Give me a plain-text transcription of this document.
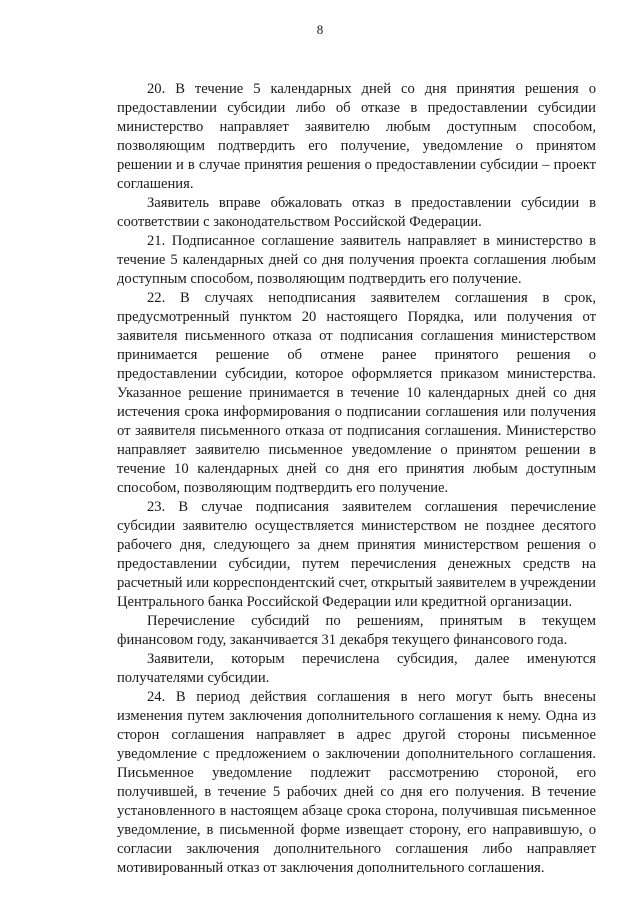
8

20. В течение 5 календарных дней со дня принятия решения о предоставлении субсидии либо об отказе в предоставлении субсидии министерство направляет заявителю любым доступным способом, позволяющим подтвердить его получение, уведомление о принятом решении и в случае принятия решения о предоставлении субсидии – проект соглашения.

Заявитель вправе обжаловать отказ в предоставлении субсидии в соответствии с законодательством Российской Федерации.

21. Подписанное соглашение заявитель направляет в министерство в течение 5 календарных дней со дня получения проекта соглашения любым доступным способом, позволяющим подтвердить его получение.

22. В случаях неподписания заявителем соглашения в срок, предусмотренный пунктом 20 настоящего Порядка, или получения от заявителя письменного отказа от подписания соглашения министерством принимается решение об отмене ранее принятого решения о предоставлении субсидии, которое оформляется приказом министерства. Указанное решение принимается в течение 10 календарных дней со дня истечения срока информирования о подписании соглашения или получения от заявителя письменного отказа от подписания соглашения. Министерство направляет заявителю письменное уведомление о принятом решении в течение 10 календарных дней со дня его принятия любым доступным способом, позволяющим подтвердить его получение.

23. В случае подписания заявителем соглашения перечисление субсидии заявителю осуществляется министерством не позднее десятого рабочего дня, следующего за днем принятия министерством решения о предоставлении субсидии, путем перечисления денежных средств на расчетный или корреспондентский счет, открытый заявителем в учреждении Центрального банка Российской Федерации или кредитной организации.

Перечисление субсидий по решениям, принятым в текущем финансовом году, заканчивается 31 декабря текущего финансового года.

Заявители, которым перечислена субсидия, далее именуются получателями субсидии.

24. В период действия соглашения в него могут быть внесены изменения путем заключения дополнительного соглашения к нему. Одна из сторон соглашения направляет в адрес другой стороны письменное уведомление с предложением о заключении дополнительного соглашения. Письменное уведомление подлежит рассмотрению стороной, его получившей, в течение 5 рабочих дней со дня его получения. В течение установленного в настоящем абзаце срока сторона, получившая письменное уведомление, в письменной форме извещает сторону, его направившую, о согласии заключения дополнительного соглашения либо направляет мотивированный отказ от заключения дополнительного соглашения.
